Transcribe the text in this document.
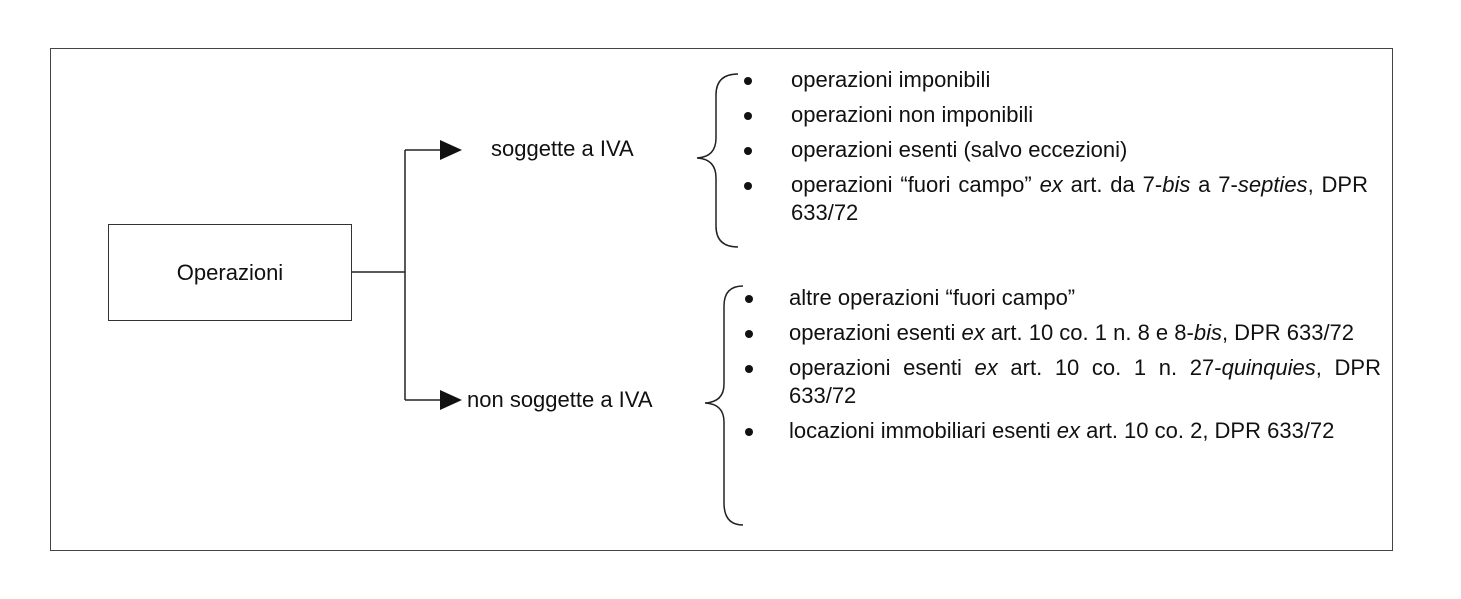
Operazioni
soggette a IVA
non soggette a IVA
operazioni imponibili
operazioni non imponibili
operazioni esenti (salvo eccezioni)
operazioni “fuori campo” ex art. da 7-bis a 7-septies, DPR 633/72
altre operazioni “fuori campo”
operazioni esenti ex art. 10 co. 1 n. 8 e 8-bis, DPR 633/72
operazioni esenti ex art. 10 co. 1 n. 27-quinquies, DPR 633/72
locazioni immobiliari esenti ex art. 10 co. 2, DPR 633/72
